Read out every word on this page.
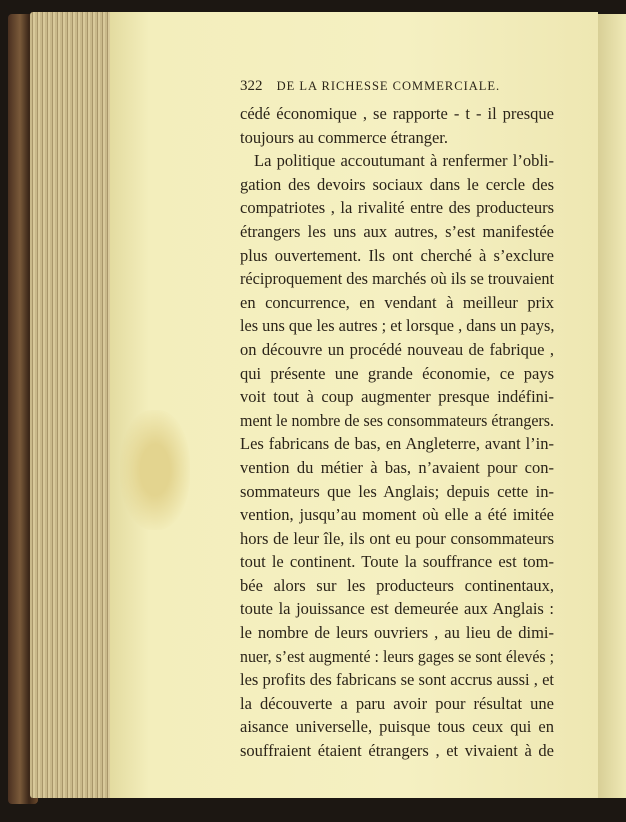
322 DE LA RICHESSE COMMERCIALE.
cédé économique , se rapporte - t - il presque
toujours au commerce étranger.
La politique accoutumant à renfermer l’obli-
gation des devoirs sociaux dans le cercle des
compatriotes , la rivalité entre des producteurs
étrangers les uns aux autres, s’est manifestée
plus ouvertement. Ils ont cherché à s’exclure
réciproquement des marchés où ils se trouvaient
en concurrence, en vendant à meilleur prix
les uns que les autres ; et lorsque , dans un pays,
on découvre un procédé nouveau de fabrique ,
qui présente une grande économie, ce pays
voit tout à coup augmenter presque indéfini-
ment le nombre de ses consommateurs étrangers.
Les fabricans de bas, en Angleterre, avant l’in-
vention du métier à bas, n’avaient pour con-
sommateurs que les Anglais; depuis cette in-
vention, jusqu’au moment où elle a été imitée
hors de leur île, ils ont eu pour consommateurs
tout le continent. Toute la souffrance est tom-
bée alors sur les producteurs continentaux,
toute la jouissance est demeurée aux Anglais :
le nombre de leurs ouvriers , au lieu de dimi-
nuer, s’est augmenté : leurs gages se sont élevés ;
les profits des fabricans se sont accrus aussi , et
la découverte a paru avoir pour résultat une
aisance universelle, puisque tous ceux qui en
souffraient étaient étrangers , et vivaient à de
